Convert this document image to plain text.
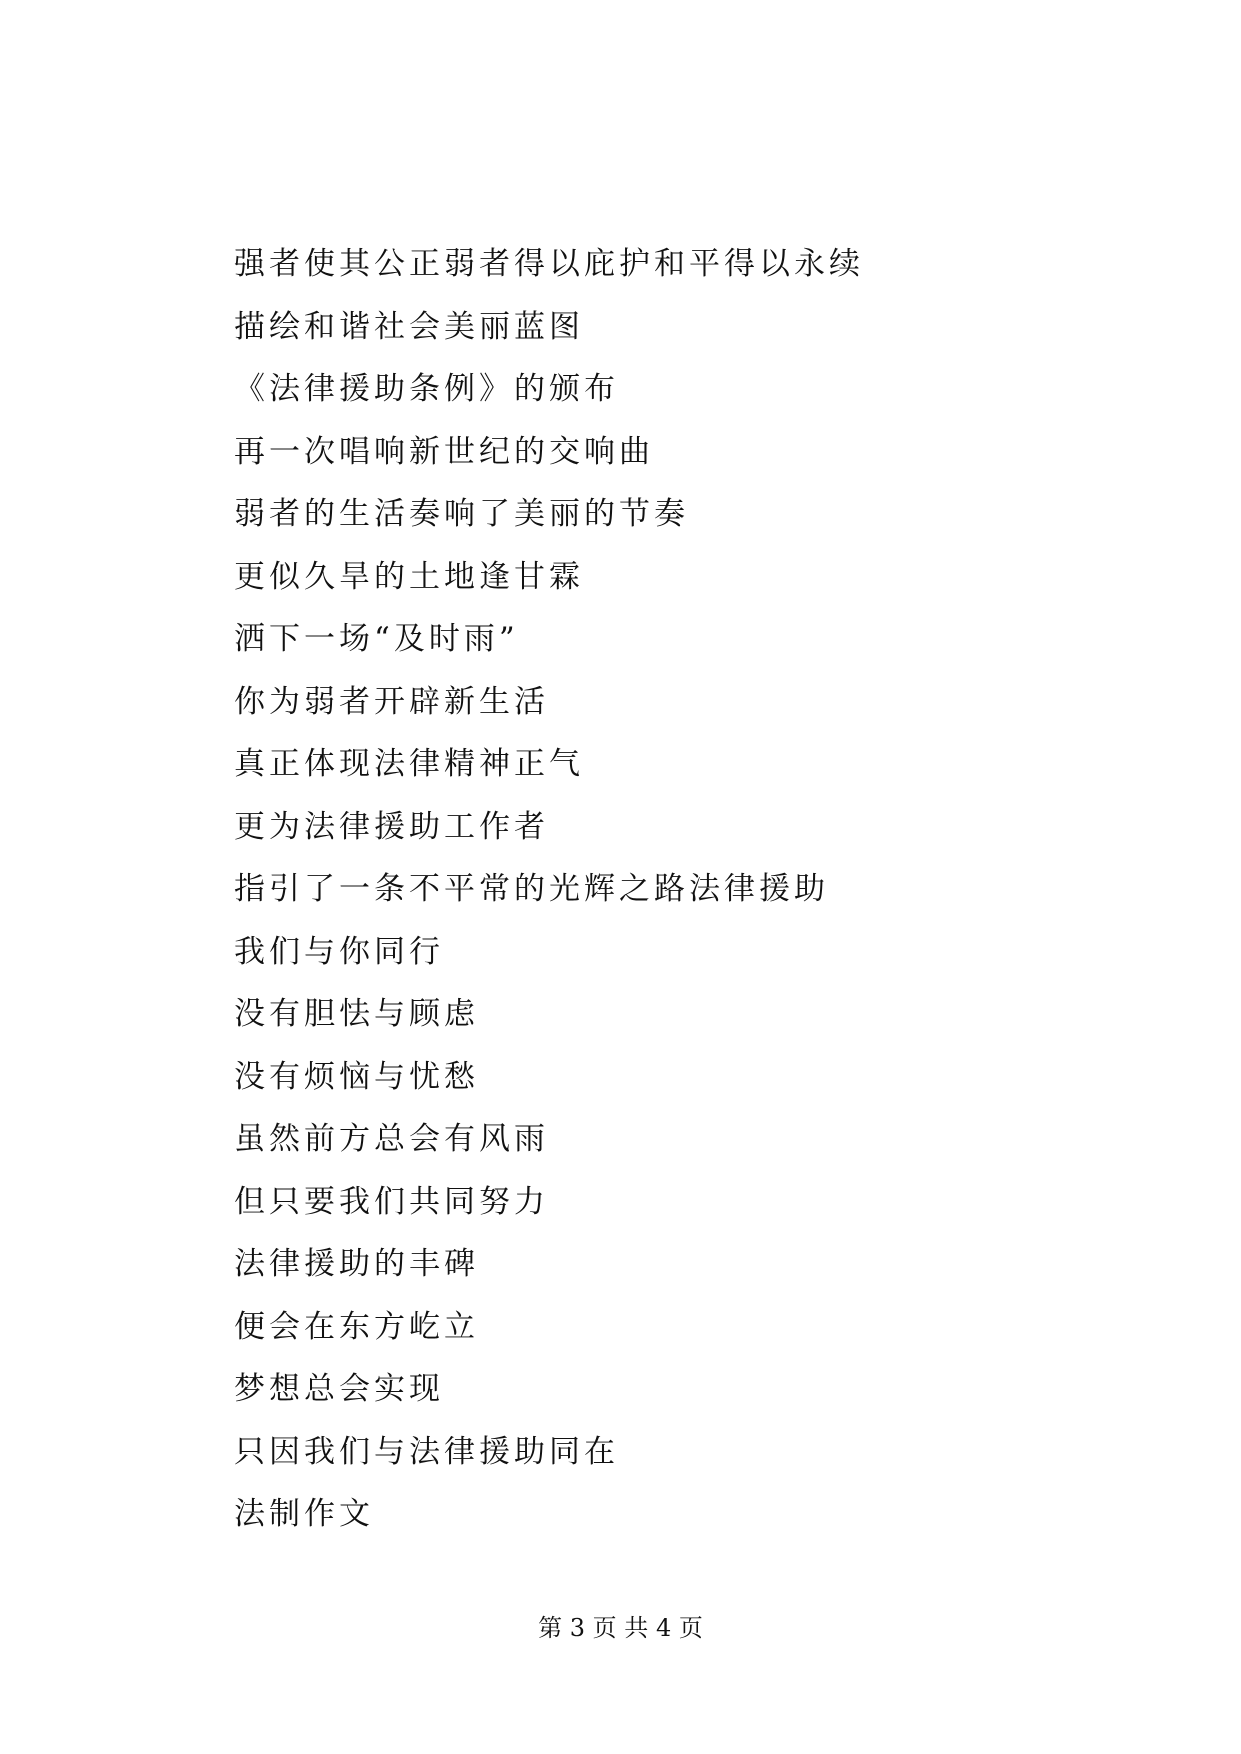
强者使其公正弱者得以庇护和平得以永续
描绘和谐社会美丽蓝图
《法律援助条例》的颁布
再一次唱响新世纪的交响曲
弱者的生活奏响了美丽的节奏
更似久旱的土地逢甘霖
洒下一场“及时雨”
你为弱者开辟新生活
真正体现法律精神正气
更为法律援助工作者
指引了一条不平常的光辉之路法律援助
我们与你同行
没有胆怯与顾虑
没有烦恼与忧愁
虽然前方总会有风雨
但只要我们共同努力
法律援助的丰碑
便会在东方屹立
梦想总会实现
只因我们与法律援助同在
法制作文
第 3 页 共 4 页
